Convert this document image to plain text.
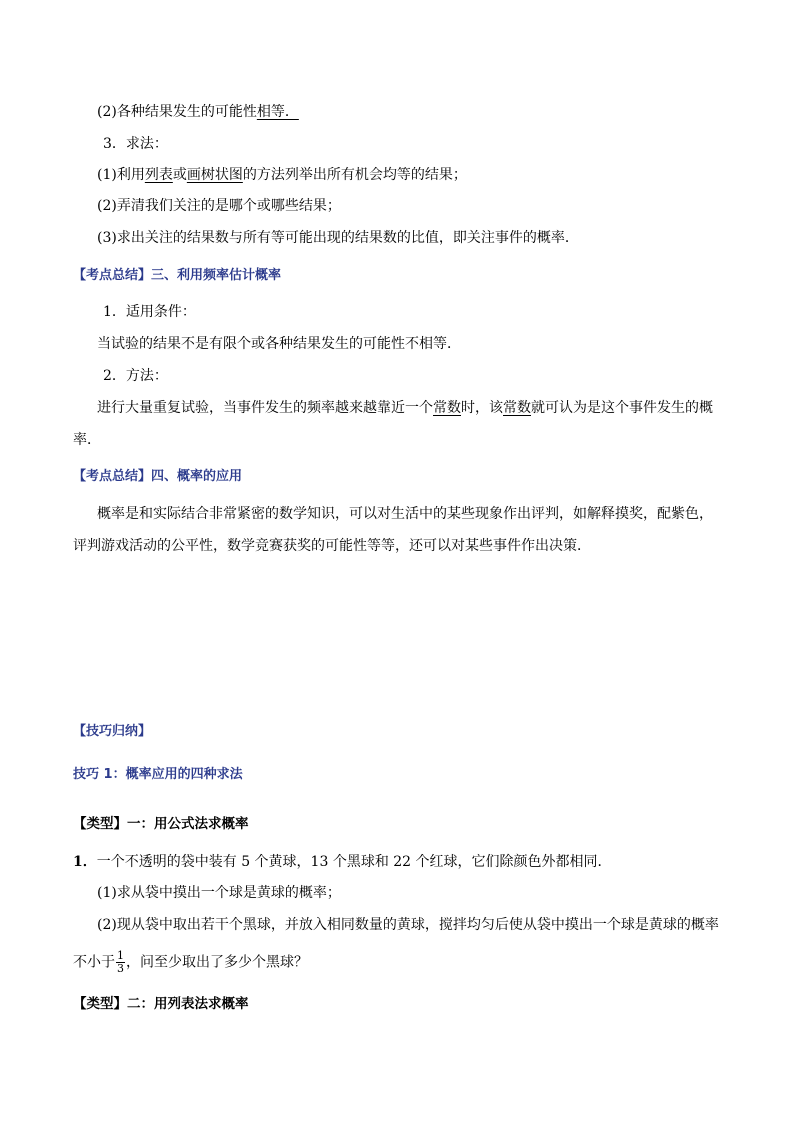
(2)各种结果发生的可能性相等．
3．求法：
(1)利用列表或画树状图的方法列举出所有机会均等的结果；
(2)弄清我们关注的是哪个或哪些结果；
(3)求出关注的结果数与所有等可能出现的结果数的比值，即关注事件的概率．
【考点总结】三、利用频率估计概率
1．适用条件：
当试验的结果不是有限个或各种结果发生的可能性不相等．
2．方法：
进行大量重复试验，当事件发生的频率越来越靠近一个常数时，该常数就可认为是这个事件发生的概
率．
【考点总结】四、概率的应用
概率是和实际结合非常紧密的数学知识，可以对生活中的某些现象作出评判，如解释摸奖，配紫色，
评判游戏活动的公平性，数学竞赛获奖的可能性等等，还可以对某些事件作出决策．
【技巧归纳】
技巧 1：概率应用的四种求法
【类型】一：用公式法求概率
1．一个不透明的袋中装有 5 个黄球，13 个黑球和 22 个红球，它们除颜色外都相同．
(1)求从袋中摸出一个球是黄球的概率；
(2)现从袋中取出若干个黑球，并放入相同数量的黄球，搅拌均匀后使从袋中摸出一个球是黄球的概率
不小于 $\frac{1}{3}$ ，问至少取出了多少个黑球？
【类型】二：用列表法求概率
